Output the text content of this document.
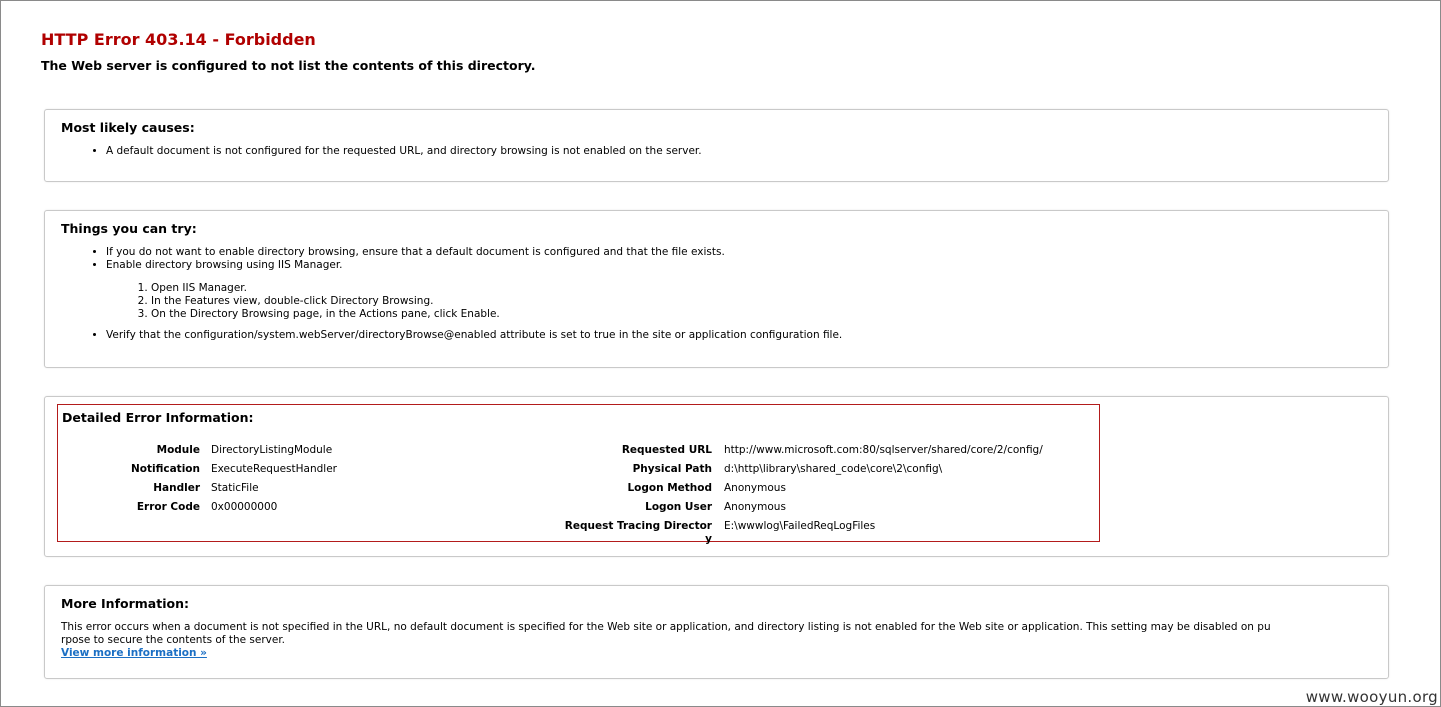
HTTP Error 403.14 - Forbidden
The Web server is configured to not list the contents of this directory.
Most likely causes:
• A default document is not configured for the requested URL, and directory browsing is not enabled on the server.
Things you can try:
• If you do not want to enable directory browsing, ensure that a default document is configured and that the file exists.
• Enable directory browsing using IIS Manager.
1. Open IIS Manager.
2. In the Features view, double-click Directory Browsing.
3. On the Directory Browsing page, in the Actions pane, click Enable.
• Verify that the configuration/system.webServer/directoryBrowse@enabled attribute is set to true in the site or application configuration file.
Detailed Error Information:
Module DirectoryListingModule
Notification ExecuteRequestHandler
Handler StaticFile
Error Code 0x00000000
Requested URL http://www.microsoft.com:80/sqlserver/shared/core/2/config/
Physical Path d:\http\library\shared_code\core\2\config\
Logon Method Anonymous
Logon User Anonymous
Request Tracing Director
y
E:\wwwlog\FailedReqLogFiles
More Information:
This error occurs when a document is not specified in the URL, no default document is specified for the Web site or application, and directory listing is not enabled for the Web site or application. This setting may be disabled on pu
rpose to secure the contents of the server.
View more information »
www.wooyun.org
